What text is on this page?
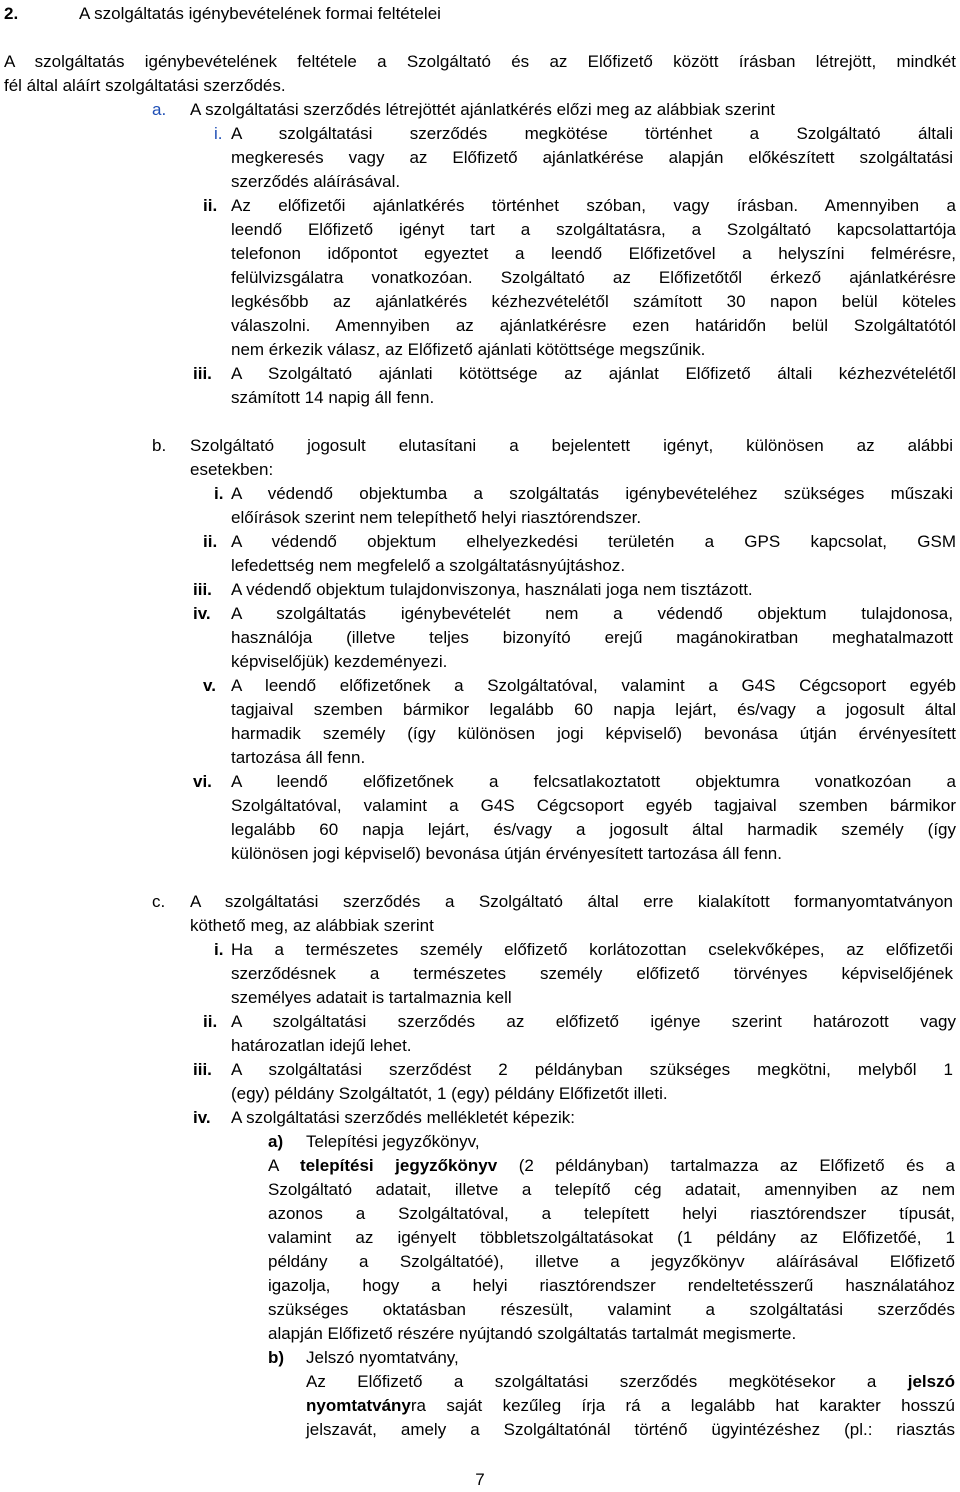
2.	A szolgáltatás igénybevételének formai feltételei
A szolgáltatás igénybevételének feltétele a Szolgáltató és az Előfizető között írásban létrejött, mindkét
fél által aláírt szolgáltatási szerződés.
a. A szolgáltatási szerződés létrejöttét ajánlatkérés előzi meg az alábbiak szerint
i. A szolgáltatási szerződés megkötése történhet a Szolgáltató általi
megkeresés vagy az Előfizető ajánlatkérése alapján előkészített szolgáltatási
szerződés aláírásával.
ii. Az előfizetői ajánlatkérés történhet szóban, vagy írásban. Amennyiben a
leendő Előfizető igényt tart a szolgáltatásra, a Szolgáltató kapcsolattartója
telefonon időpontot egyeztet a leendő Előfizetővel a helyszíni felmérésre,
felülvizsgálatra vonatkozóan. Szolgáltató az Előfizetőtől érkező ajánlatkérésre
legkésőbb az ajánlatkérés kézhezvételétől számított 30 napon belül köteles
válaszolni. Amennyiben az ajánlatkérésre ezen határidőn belül Szolgáltatótól
nem érkezik válasz, az Előfizető ajánlati kötöttsége megszűnik.
iii. A Szolgáltató ajánlati kötöttsége az ajánlat Előfizető általi kézhezvételétől
számított 14 napig áll fenn.
b. Szolgáltató jogosult elutasítani a bejelentett igényt, különösen az alábbi
esetekben:
i. A védendő objektumba a szolgáltatás igénybevételéhez szükséges műszaki
előírások szerint nem telepíthető helyi riasztórendszer.
ii. A védendő objektum elhelyezkedési területén a GPS kapcsolat, GSM
lefedettség nem megfelelő a szolgáltatásnyújtáshoz.
iii. A védendő objektum tulajdonviszonya, használati joga nem tisztázott.
iv. A szolgáltatás igénybevételét nem a védendő objektum tulajdonosa,
használója (illetve teljes bizonyító erejű magánokiratban meghatalmazott
képviselőjük) kezdeményezi.
v. A leendő előfizetőnek a Szolgáltatóval, valamint a G4S Cégcsoport egyéb
tagjaival szemben bármikor legalább 60 napja lejárt, és/vagy a jogosult által
harmadik személy (így különösen jogi képviselő) bevonása útján érvényesített
tartozása áll fenn.
vi. A leendő előfizetőnek a felcsatlakoztatott objektumra vonatkozóan a
Szolgáltatóval, valamint a G4S Cégcsoport egyéb tagjaival szemben bármikor
legalább 60 napja lejárt, és/vagy a jogosult által harmadik személy (így
különösen jogi képviselő) bevonása útján érvényesített tartozása áll fenn.
c. A szolgáltatási szerződés a Szolgáltató által erre kialakított formanyomtatványon
köthető meg, az alábbiak szerint
i. Ha a természetes személy előfizető korlátozottan cselekvőképes, az előfizetői
szerződésnek a természetes személy előfizető törvényes képviselőjének
személyes adatait is tartalmaznia kell
ii. A szolgáltatási szerződés az előfizető igénye szerint határozott vagy
határozatlan idejű lehet.
iii. A szolgáltatási szerződést 2 példányban szükséges megkötni, melyből 1
(egy) példány Szolgáltatót, 1 (egy) példány Előfizetőt illeti.
iv. A szolgáltatási szerződés mellékletét képezik:
a) Telepítési jegyzőkönyv,
A telepítési jegyzőkönyv (2 példányban) tartalmazza az Előfizető és a
Szolgáltató adatait, illetve a telepítő cég adatait, amennyiben az nem
azonos a Szolgáltatóval, a telepített helyi riasztórendszer típusát,
valamint az igényelt többletszolgáltatásokat (1 példány az Előfizetőé, 1
példány a Szolgáltatóé), illetve a jegyzőkönyv aláírásával Előfizető
igazolja, hogy a helyi riasztórendszer rendeltetésszerű használatához
szükséges oktatásban részesült, valamint a szolgáltatási szerződés
alapján Előfizető részére nyújtandó szolgáltatás tartalmát megismerte.
b) Jelszó nyomtatvány,
Az Előfizető a szolgáltatási szerződés megkötésekor a jelszó
nyomtatványra saját kezűleg írja rá a legalább hat karakter hosszú
jelszavát, amely a Szolgáltatónál történő ügyintézéshez (pl.: riasztás
7
